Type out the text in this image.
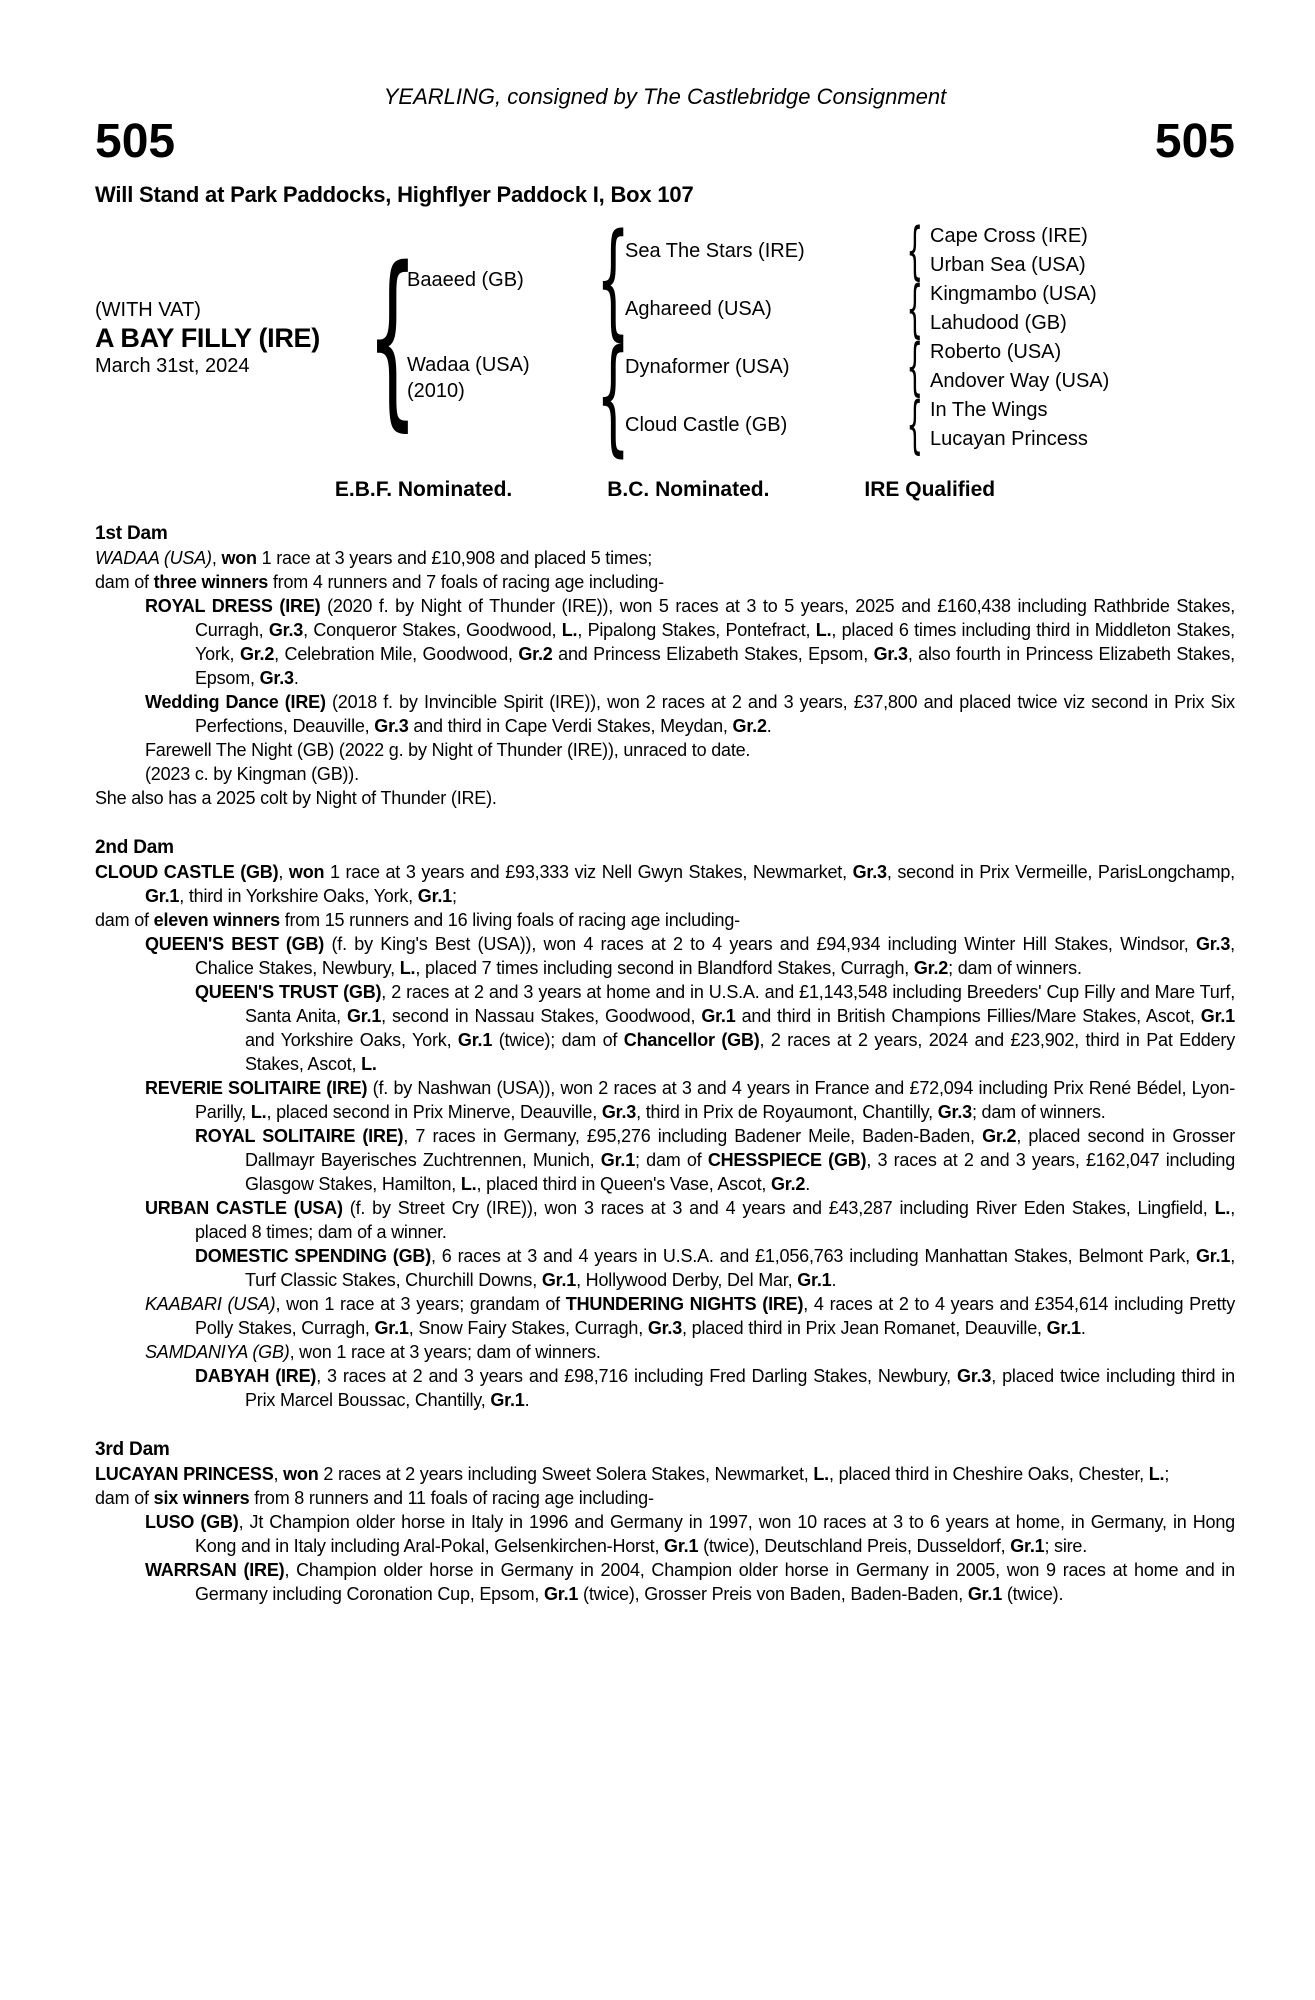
YEARLING, consigned by The Castlebridge Consignment
505	505
Will Stand at Park Paddocks, Highflyer Paddock I, Box 107
(WITH VAT)
A BAY FILLY (IRE)
March 31st, 2024 {
Baaeed (GB)
Wadaa (USA)
(2010)
{
{
Sea The Stars (IRE)
Aghareed (USA)
Dynaformer (USA)
Cloud Castle (GB)
{
{
{
{
Cape Cross (IRE)
Urban Sea (USA)
Kingmambo (USA)
Lahudood (GB)
Roberto (USA)
Andover Way (USA)
In The Wings
Lucayan Princess
E.B.F. Nominated.	B.C. Nominated.	IRE Qualified
1st Dam

WADAA (USA), won 1 race at 3 years and £10,908 and placed 5 times;

dam of three winners from 4 runners and 7 foals of racing age including-

ROYAL DRESS (IRE) (2020 f. by Night of Thunder (IRE)), won 5 races at 3 to 5 years, 2025 and £160,438 including Rathbride Stakes, Curragh, Gr.3, Conqueror Stakes, Goodwood, L., Pipalong Stakes, Pontefract, L., placed 6 times including third in Middleton Stakes, York, Gr.2, Celebration Mile, Goodwood, Gr.2 and Princess Elizabeth Stakes, Epsom, Gr.3, also fourth in Princess Elizabeth Stakes, Epsom, Gr.3.

Wedding Dance (IRE) (2018 f. by Invincible Spirit (IRE)), won 2 races at 2 and 3 years, £37,800 and placed twice viz second in Prix Six Perfections, Deauville, Gr.3 and third in Cape Verdi Stakes, Meydan, Gr.2.

Farewell The Night (GB) (2022 g. by Night of Thunder (IRE)), unraced to date.

(2023 c. by Kingman (GB)).

She also has a 2025 colt by Night of Thunder (IRE).

2nd Dam

CLOUD CASTLE (GB), won 1 race at 3 years and £93,333 viz Nell Gwyn Stakes, Newmarket, Gr.3, second in Prix Vermeille, ParisLongchamp, Gr.1, third in Yorkshire Oaks, York, Gr.1;

dam of eleven winners from 15 runners and 16 living foals of racing age including-

QUEEN'S BEST (GB) (f. by King's Best (USA)), won 4 races at 2 to 4 years and £94,934 including Winter Hill Stakes, Windsor, Gr.3, Chalice Stakes, Newbury, L., placed 7 times including second in Blandford Stakes, Curragh, Gr.2; dam of winners.

QUEEN'S TRUST (GB), 2 races at 2 and 3 years at home and in U.S.A. and £1,143,548 including Breeders' Cup Filly and Mare Turf, Santa Anita, Gr.1, second in Nassau Stakes, Goodwood, Gr.1 and third in British Champions Fillies/Mare Stakes, Ascot, Gr.1 and Yorkshire Oaks, York, Gr.1 (twice); dam of Chancellor (GB), 2 races at 2 years, 2024 and £23,902, third in Pat Eddery Stakes, Ascot, L.

REVERIE SOLITAIRE (IRE) (f. by Nashwan (USA)), won 2 races at 3 and 4 years in France and £72,094 including Prix René Bédel, Lyon-Parilly, L., placed second in Prix Minerve, Deauville, Gr.3, third in Prix de Royaumont, Chantilly, Gr.3; dam of winners.

ROYAL SOLITAIRE (IRE), 7 races in Germany, £95,276 including Badener Meile, Baden-Baden, Gr.2, placed second in Grosser Dallmayr Bayerisches Zuchtrennen, Munich, Gr.1; dam of CHESSPIECE (GB), 3 races at 2 and 3 years, £162,047 including Glasgow Stakes, Hamilton, L., placed third in Queen's Vase, Ascot, Gr.2.

URBAN CASTLE (USA) (f. by Street Cry (IRE)), won 3 races at 3 and 4 years and £43,287 including River Eden Stakes, Lingfield, L., placed 8 times; dam of a winner.

DOMESTIC SPENDING (GB), 6 races at 3 and 4 years in U.S.A. and £1,056,763 including Manhattan Stakes, Belmont Park, Gr.1, Turf Classic Stakes, Churchill Downs, Gr.1, Hollywood Derby, Del Mar, Gr.1.

KAABARI (USA), won 1 race at 3 years; grandam of THUNDERING NIGHTS (IRE), 4 races at 2 to 4 years and £354,614 including Pretty Polly Stakes, Curragh, Gr.1, Snow Fairy Stakes, Curragh, Gr.3, placed third in Prix Jean Romanet, Deauville, Gr.1.

SAMDANIYA (GB), won 1 race at 3 years; dam of winners.

DABYAH (IRE), 3 races at 2 and 3 years and £98,716 including Fred Darling Stakes, Newbury, Gr.3, placed twice including third in Prix Marcel Boussac, Chantilly, Gr.1.

3rd Dam

LUCAYAN PRINCESS, won 2 races at 2 years including Sweet Solera Stakes, Newmarket, L., placed third in Cheshire Oaks, Chester, L.;

dam of six winners from 8 runners and 11 foals of racing age including-

LUSO (GB), Jt Champion older horse in Italy in 1996 and Germany in 1997, won 10 races at 3 to 6 years at home, in Germany, in Hong Kong and in Italy including Aral-Pokal, Gelsenkirchen-Horst, Gr.1 (twice), Deutschland Preis, Dusseldorf, Gr.1; sire.

WARRSAN (IRE), Champion older horse in Germany in 2004, Champion older horse in Germany in 2005, won 9 races at home and in Germany including Coronation Cup, Epsom, Gr.1 (twice), Grosser Preis von Baden, Baden-Baden, Gr.1 (twice).
